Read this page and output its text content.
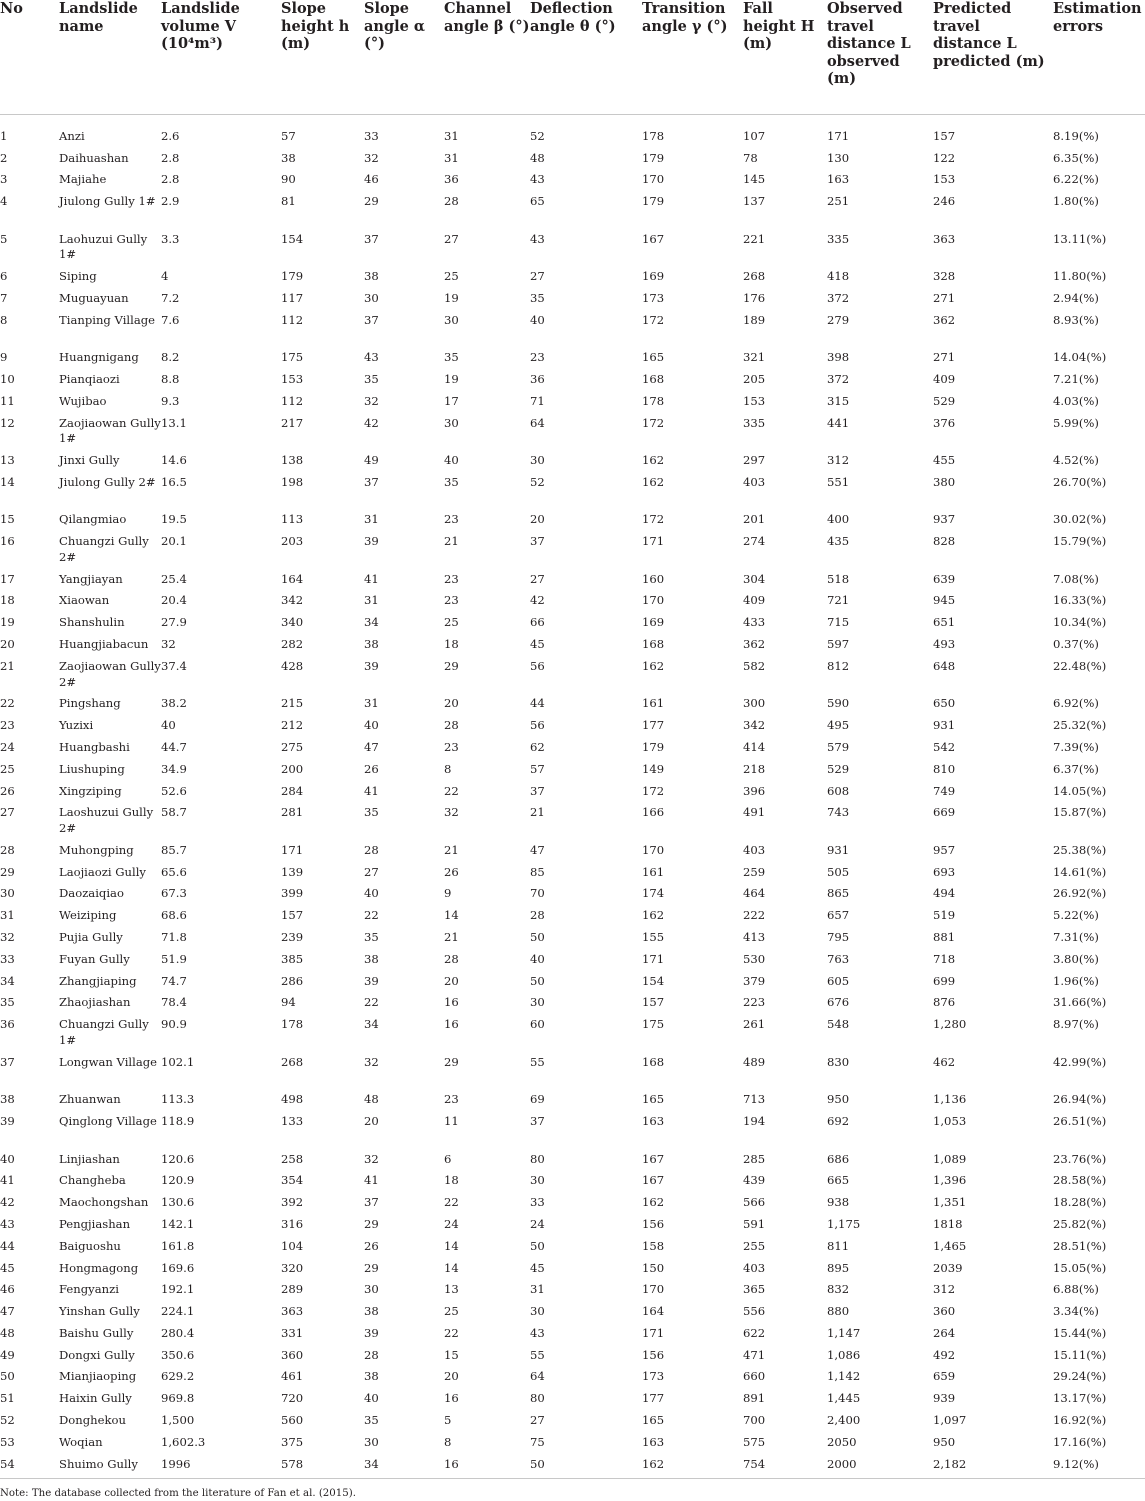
No	Landslide name	Landslide volume V (10⁴m³)	Slope height h (m)	Slope angle α (°)	Channel angle β (°)	Deflection angle θ (°)	Transition angle γ (°)	Fall height H (m)	Observed travel distance L observed (m)	Predicted travel distance L predicted (m)	Estimation errors
1	Anzi	2.6	57	33	31	52	178	107	171	157	8.19(%)
2	Daihuashan	2.8	38	32	31	48	179	78	130	122	6.35(%)
3	Majiahe	2.8	90	46	36	43	170	145	163	153	6.22(%)
4	Jiulong Gully 1#	2.9	81	29	28	65	179	137	251	246	1.80(%)
5	Laohuzui Gully 1#	3.3	154	37	27	43	167	221	335	363	13.11(%)
6	Siping	4	179	38	25	27	169	268	418	328	11.80(%)
7	Muguayuan	7.2	117	30	19	35	173	176	372	271	2.94(%)
8	Tianping Village	7.6	112	37	30	40	172	189	279	362	8.93(%)
9	Huangnigang	8.2	175	43	35	23	165	321	398	271	14.04(%)
10	Pianqiaozi	8.8	153	35	19	36	168	205	372	409	7.21(%)
11	Wujibao	9.3	112	32	17	71	178	153	315	529	4.03(%)
12	Zaojiaowan Gully 1#	13.1	217	42	30	64	172	335	441	376	5.99(%)
13	Jinxi Gully	14.6	138	49	40	30	162	297	312	455	4.52(%)
14	Jiulong Gully 2#	16.5	198	37	35	52	162	403	551	380	26.70(%)
15	Qilangmiao	19.5	113	31	23	20	172	201	400	937	30.02(%)
16	Chuangzi Gully 2#	20.1	203	39	21	37	171	274	435	828	15.79(%)
17	Yangjiayan	25.4	164	41	23	27	160	304	518	639	7.08(%)
18	Xiaowan	20.4	342	31	23	42	170	409	721	945	16.33(%)
19	Shanshulin	27.9	340	34	25	66	169	433	715	651	10.34(%)
20	Huangjiabacun	32	282	38	18	45	168	362	597	493	0.37(%)
21	Zaojiaowan Gully 2#	37.4	428	39	29	56	162	582	812	648	22.48(%)
22	Pingshang	38.2	215	31	20	44	161	300	590	650	6.92(%)
23	Yuzixi	40	212	40	28	56	177	342	495	931	25.32(%)
24	Huangbashi	44.7	275	47	23	62	179	414	579	542	7.39(%)
25	Liushuping	34.9	200	26	8	57	149	218	529	810	6.37(%)
26	Xingziping	52.6	284	41	22	37	172	396	608	749	14.05(%)
27	Laoshuzui Gully 2#	58.7	281	35	32	21	166	491	743	669	15.87(%)
28	Muhongping	85.7	171	28	21	47	170	403	931	957	25.38(%)
29	Laojiaozi Gully	65.6	139	27	26	85	161	259	505	693	14.61(%)
30	Daozaiqiao	67.3	399	40	9	70	174	464	865	494	26.92(%)
31	Weiziping	68.6	157	22	14	28	162	222	657	519	5.22(%)
32	Pujia Gully	71.8	239	35	21	50	155	413	795	881	7.31(%)
33	Fuyan Gully	51.9	385	38	28	40	171	530	763	718	3.80(%)
34	Zhangjiaping	74.7	286	39	20	50	154	379	605	699	1.96(%)
35	Zhaojiashan	78.4	94	22	16	30	157	223	676	876	31.66(%)
36	Chuangzi Gully 1#	90.9	178	34	16	60	175	261	548	1,280	8.97(%)
37	Longwan Village	102.1	268	32	29	55	168	489	830	462	42.99(%)
38	Zhuanwan	113.3	498	48	23	69	165	713	950	1,136	26.94(%)
39	Qinglong Village	118.9	133	20	11	37	163	194	692	1,053	26.51(%)
40	Linjiashan	120.6	258	32	6	80	167	285	686	1,089	23.76(%)
41	Changheba	120.9	354	41	18	30	167	439	665	1,396	28.58(%)
42	Maochongshan	130.6	392	37	22	33	162	566	938	1,351	18.28(%)
43	Pengjiashan	142.1	316	29	24	24	156	591	1,175	1818	25.82(%)
44	Baiguoshu	161.8	104	26	14	50	158	255	811	1,465	28.51(%)
45	Hongmagong	169.6	320	29	14	45	150	403	895	2039	15.05(%)
46	Fengyanzi	192.1	289	30	13	31	170	365	832	312	6.88(%)
47	Yinshan Gully	224.1	363	38	25	30	164	556	880	360	3.34(%)
48	Baishu Gully	280.4	331	39	22	43	171	622	1,147	264	15.44(%)
49	Dongxi Gully	350.6	360	28	15	55	156	471	1,086	492	15.11(%)
50	Mianjiaoping	629.2	461	38	20	64	173	660	1,142	659	29.24(%)
51	Haixin Gully	969.8	720	40	16	80	177	891	1,445	939	13.17(%)
52	Donghekou	1,500	560	35	5	27	165	700	2,400	1,097	16.92(%)
53	Woqian	1,602.3	375	30	8	75	163	575	2050	950	17.16(%)
54	Shuimo Gully	1996	578	34	16	50	162	754	2000	2,182	9.12(%)
Note: The database collected from the literature of Fan et al. (2015).
